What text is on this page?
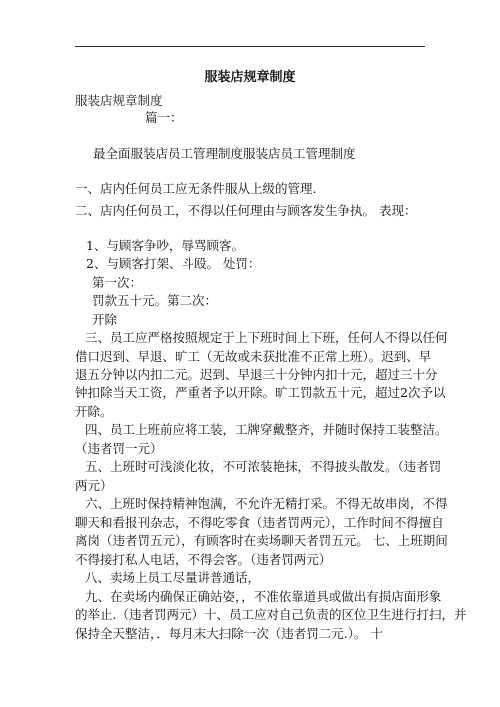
服装店规章制度
服装店规章制度
篇一：
最全面服装店员工管理制度服装店员工管理制度
一、店内任何员工应无条件服从上级的管理.
二、店内任何员工，不得以任何理由与顾客发生争执。 表现：
1、与顾客争吵，辱骂顾客。
2、与顾客打架、斗殴。 处罚：
第一次：
罚款五十元。第二次：
开除
三、员工应严格按照规定于上下班时间上下班，任何人不得以任何
借口迟到、早退、旷工（无故或未获批准不正常上班）。迟到、早
退五分钟以内扣二元。迟到、早退三十分钟内扣十元，超过三十分
钟扣除当天工资，严重者予以开除。旷工罚款五十元，超过2次予以
开除。
四、员工上班前应将工装，工牌穿戴整齐，并随时保持工装整洁。
（违者罚一元）
五、上班时可浅淡化妆，不可浓装艳抹，不得披头散发。（违者罚
两元）
六、上班时保持精神饱满，不允许无精打采。不得无故串岗，不得
聊天和看报刊杂志，不得吃零食（违者罚两元），工作时间不得擅自
离岗（违者罚五元），有顾客时在卖场聊天者罚五元。 七、上班期间
不得接打私人电话，不得会客。（违者罚两元）
八、卖场上员工尽量讲普通话，
九、在卖场内确保正确站姿，，不准依靠道具或做出有损店面形象
的举止.（违者罚两元）十、员工应对自己负责的区位卫生进行打扫，并
保持全天整洁，．每月末大扫除一次（违者罚二元.）。 十
